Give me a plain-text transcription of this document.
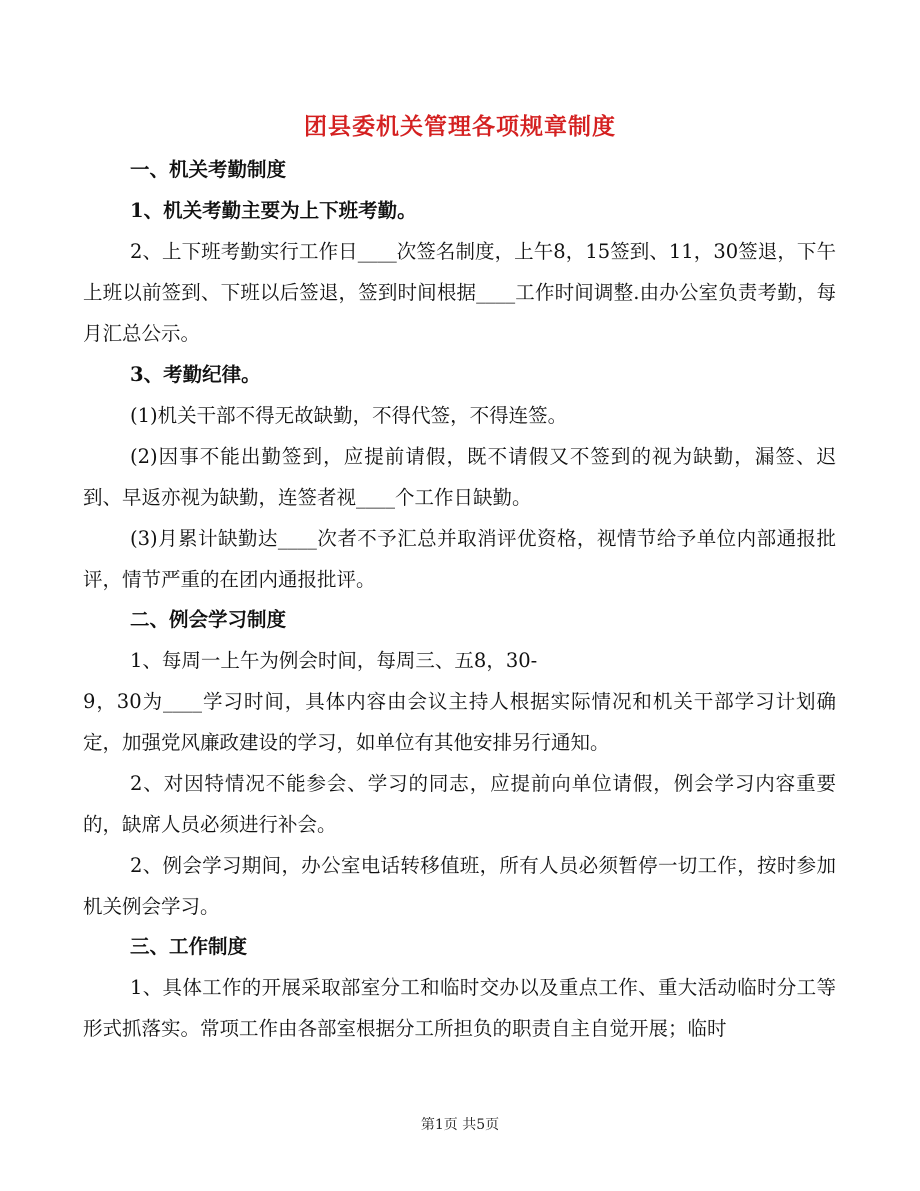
团县委机关管理各项规章制度
一、机关考勤制度

1、机关考勤主要为上下班考勤。

2、上下班考勤实行工作日____次签名制度，上午8，15签到、11，30签退，下午上班以前签到、下班以后签退，签到时间根据____工作时间调整.由办公室负责考勤，每月汇总公示。

3、考勤纪律。

(1)机关干部不得无故缺勤，不得代签，不得连签。

(2)因事不能出勤签到，应提前请假，既不请假又不签到的视为缺勤，漏签、迟到、早返亦视为缺勤，连签者视____个工作日缺勤。

(3)月累计缺勤达____次者不予汇总并取消评优资格，视情节给予单位内部通报批评，情节严重的在团内通报批评。

二、例会学习制度

1、每周一上午为例会时间，每周三、五8，30-

9，30为____学习时间，具体内容由会议主持人根据实际情况和机关干部学习计划确定，加强党风廉政建设的学习，如单位有其他安排另行通知。

2、对因特情况不能参会、学习的同志，应提前向单位请假，例会学习内容重要的，缺席人员必须进行补会。

2、例会学习期间，办公室电话转移值班，所有人员必须暂停一切工作，按时参加机关例会学习。

三、工作制度

1、具体工作的开展采取部室分工和临时交办以及重点工作、重大活动临时分工等形式抓落实。常项工作由各部室根据分工所担负的职责自主自觉开展；临时

第1页 共5页
